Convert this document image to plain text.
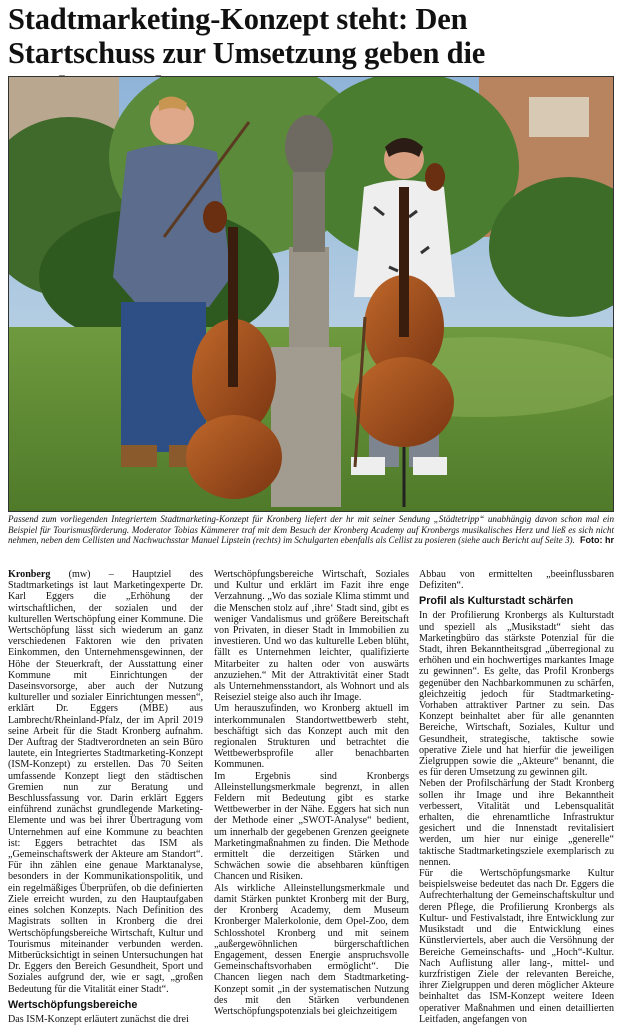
Stadtmarketing-Konzept steht: Den Startschuss zur Umsetzung geben die

Passend zum vorliegenden Integriertem Stadtmarketing-Konzept für Kronberg liefert der hr mit seiner Sendung „Städtetripp“ unabhängig davon schon mal ein Beispiel für Tourismusförderung. Moderator Tobias Kämmerer traf mit dem Besuch der Kronberg Academy auf Kronbergs musikalisches Herz und ließ es sich nicht nehmen, neben dem Cellisten und Nachwuchsstar Manuel Lipstein (rechts) im Schulgarten ebenfalls als Cellist zu posieren (siehe auch Bericht auf Seite 3). Foto: hr

Kronberg (mw) – Hauptziel des Stadtmarketings ist laut Marketingexperte Dr. Karl Eggers die „Erhöhung der wirtschaftlichen, der sozialen und der kulturellen Wertschöpfung einer Kommune. Die Wertschöpfung lässt sich wiederum an ganz verschiedenen Faktoren wie den privaten Einkommen, den Unternehmensgewinnen, der Höhe der Steuerkraft, der Ausstattung einer Kommune mit Einrichtungen der Daseinsvorsorge, aber auch der Nutzung kultureller und sozialer Einrichtungen messen“, erklärt Dr. Eggers (MBE) aus Lambrecht/Rheinland-Pfalz, der im April 2019 seine Arbeit für die Stadt Kronberg aufnahm. Der Auftrag der Stadtverordneten an sein Büro lautete, ein Integriertes Stadtmarketing-Konzept (ISM-Konzept) zu erstellen. Das 70 Seiten umfassende Konzept liegt den städtischen Gremien nun zur Beratung und Beschlussfassung vor. Darin erklärt Eggers einführend zunächst grundlegende Marketing-Elemente und was bei ihrer Übertragung vom Unternehmen auf eine Kommune zu beachten ist: Eggers betrachtet das ISM als „Gemeinschaftswerk der Akteure am Standort“. Für ihn zählen eine genaue Marktanalyse, besonders in der Kommunikationspolitik, und ein regelmäßiges Überprüfen, ob die definierten Ziele erreicht wurden, zu den Hauptaufgaben eines solchen Konzepts. Nach Definition des Magistrats sollten in Kronberg die drei Wertschöpfungsbereiche Wirtschaft, Kultur und Tourismus miteinander verbunden werden. Mitberücksichtigt in seinen Untersuchungen hat Dr. Eggers den Bereich Gesundheit, Sport und Soziales aufgrund der, wie er sagt, „großen Bedeutung für die Vitalität einer Stadt“.

Wertschöpfungsbereiche

Das ISM-Konzept erläutert zunächst die drei

Wertschöpfungsbereiche Wirtschaft, Soziales und Kultur und erklärt im Fazit ihre enge Verzahnung. „Wo das soziale Klima stimmt und die Menschen stolz auf ‚ihre‘ Stadt sind, gibt es weniger Vandalismus und größere Bereitschaft von Privaten, in dieser Stadt in Immobilien zu investieren. Und wo das kulturelle Leben blüht, fällt es Unternehmen leichter, qualifizierte Mitarbeiter zu halten oder von auswärts anzuziehen.“ Mit der Attraktivität einer Stadt als Unternehmensstandort, als Wohnort und als Reiseziel steige also auch ihr Image.

Um herauszufinden, wo Kronberg aktuell im interkommunalen Standortwettbewerb steht, beschäftigt sich das Konzept auch mit den regionalen Strukturen und betrachtet die Wettbewerbsprofile aller benachbarten Kommunen.

Im Ergebnis sind Kronbergs Alleinstellungsmerkmale begrenzt, in allen Feldern mit Bedeutung gibt es starke Wettbewerber in der Nähe. Eggers hat sich nun der Methode einer „SWOT-Analyse“ bedient, um innerhalb der gegebenen Grenzen geeignete Marketingmaßnahmen zu finden. Die Methode ermittelt die derzeitigen Stärken und Schwächen sowie die absehbaren künftigen Chancen und Risiken.

Als wirkliche Alleinstellungsmerkmale und damit Stärken punktet Kronberg mit der Burg, der Kronberg Academy, dem Museum Kronberger Malerkolonie, dem Opel-Zoo, dem Schlosshotel Kronberg und mit seinem „außergewöhnlichen bürgerschaftlichen Engagement, dessen Energie anspruchsvolle Gemeinschaftsvorhaben ermöglicht“. Die Chancen liegen nach dem Stadtmarketing-Konzept somit „in der systematischen Nutzung des mit den Stärken verbundenen Wertschöpfungspotenzials bei gleichzeitigem

Abbau von ermittelten „beeinflussbaren Defiziten“.

Profil als Kulturstadt schärfen

In der Profilierung Kronbergs als Kulturstadt und speziell als „Musikstadt“ sieht das Marketingbüro das stärkste Potenzial für die Stadt, ihren Bekanntheitsgrad „überregional zu erhöhen und ein hochwertiges markantes Image zu gewinnen“. Es gelte, das Profil Kronbergs gegenüber den Nachbarkommunen zu schärfen, gleichzeitig jedoch für Stadtmarketing-Vorhaben attraktiver Partner zu sein. Das Konzept beinhaltet aber für alle genannten Bereiche, Wirtschaft, Soziales, Kultur und Gesundheit, strategische, taktische sowie operative Ziele und hat hierfür die jeweiligen Zielgruppen sowie die „Akteure“ benannt, die es für deren Umsetzung zu gewinnen gilt.

Neben der Profilschärfung der Stadt Kronberg sollen ihr Image und ihre Bekanntheit verbessert, Vitalität und Lebensqualität erhalten, die ehrenamtliche Infrastruktur gesichert und die Innenstadt revitalisiert werden, um hier nur einige „generelle“ taktische Stadtmarketingsziele exemplarisch zu nennen.

Für die Wertschöpfungsmarke Kultur beispielsweise bedeutet das nach Dr. Eggers die Aufrechterhaltung der Gemeinschaftskultur und deren Pflege, die Profilierung Kronbergs als Kultur- und Festivalstadt, ihre Entwicklung zur Musikstadt und die Entwicklung eines Künstlerviertels, aber auch die Versöhnung der Bereiche Gemeinschafts- und „Hoch“-Kultur. Nach Auflistung aller lang-, mittel- und kurzfristigen Ziele der relevanten Bereiche, ihrer Zielgruppen und deren möglicher Akteure beinhaltet das ISM-Konzept weitere Ideen operativer Maßnahmen und einen detaillierten Leitfaden, angefangen von
